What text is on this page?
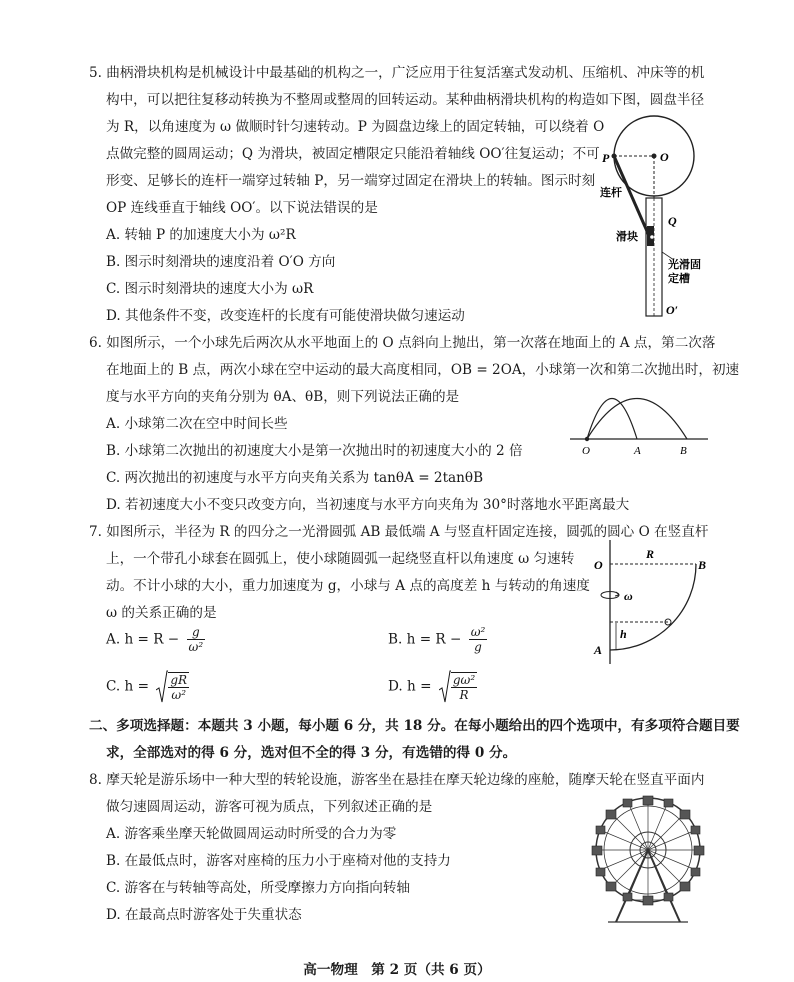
5. 曲柄滑块机构是机械设计中最基础的机构之一，广泛应用于往复活塞式发动机、压缩机、冲床等的机
构中，可以把往复移动转换为不整周或整周的回转运动。某种曲柄滑块机构的构造如下图，圆盘半径
为 R，以角速度为 ω 做顺时针匀速转动。P 为圆盘边缘上的固定转轴，可以绕着 O
点做完整的圆周运动；Q 为滑块，被固定槽限定只能沿着轴线 OO′往复运动；不可
形变、足够长的连杆一端穿过转轴 P，另一端穿过固定在滑块上的转轴。图示时刻
OP 连线垂直于轴线 OO′。以下说法错误的是
A. 转轴 P 的加速度大小为 ω²R
B. 图示时刻滑块的速度沿着 O′O 方向
C. 图示时刻滑块的速度大小为 ωR
D. 其他条件不变，改变连杆的长度有可能使滑块做匀速运动
P	O
连杆
Q
滑块
光滑固
定槽
O′
6. 如图所示，一个小球先后两次从水平地面上的 O 点斜向上抛出，第一次落在地面上的 A 点，第二次落
在地面上的 B 点，两次小球在空中运动的最大高度相同，OB = 2OA，小球第一次和第二次抛出时，初速
度与水平方向的夹角分别为 θA、θB，则下列说法正确的是
A. 小球第二次在空中时间长些
B. 小球第二次抛出的初速度大小是第一次抛出时的初速度大小的 2 倍
C. 两次抛出的初速度与水平方向夹角关系为 tanθA = 2tanθB
D. 若初速度大小不变只改变方向，当初速度与水平方向夹角为 30°时落地水平距离最大
O	A	B
7. 如图所示，半径为 R 的四分之一光滑圆弧 AB 最低端 A 与竖直杆固定连接，圆弧的圆心 O 在竖直杆
上，一个带孔小球套在圆弧上，使小球随圆弧一起绕竖直杆以角速度 ω 匀速转
动。不计小球的大小，重力加速度为 g，小球与 A 点的高度差 h 与转动的角速度
ω 的关系正确的是
A. $h = R - \frac{g}{\text{ω²}}$	B. $h = R - \frac{\text{ω²}}{g}$
C. $h = \frac{gR}{\text{ω²}}$	D. $h = \frac{\text{gω²}}{R}$
O
R
B
ω
h
A
二、多项选择题：本题共 3 小题，每小题 6 分，共 18 分。在每小题给出的四个选项中，有多项符合题目要
求，全部选对的得 6 分，选对但不全的得 3 分，有选错的得 0 分。
8. 摩天轮是游乐场中一种大型的转轮设施，游客坐在悬挂在摩天轮边缘的座舱，随摩天轮在竖直平面内
做匀速圆周运动，游客可视为质点，下列叙述正确的是
A. 游客乘坐摩天轮做圆周运动时所受的合力为零
B. 在最低点时，游客对座椅的压力小于座椅对他的支持力
C. 游客在与转轴等高处，所受摩擦力方向指向转轴
D. 在最高点时游客处于失重状态
高一物理　第 2 页（共 6 页）
